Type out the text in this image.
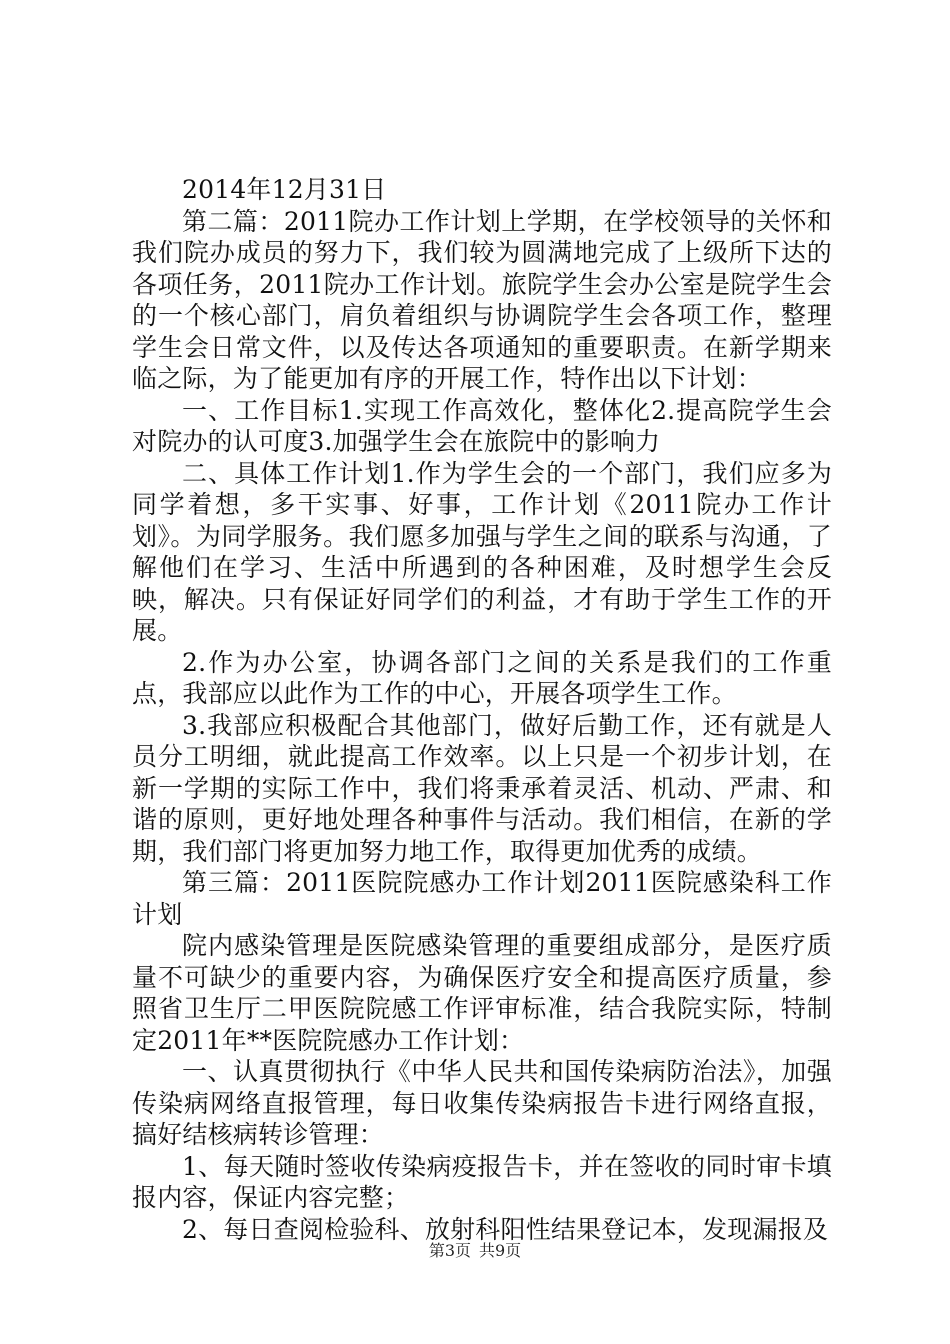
2014年12月31日

第二篇：2011院办工作计划上学期，在学校领导的关怀和我们院办成员的努力下，我们较为圆满地完成了上级所下达的各项任务，2011院办工作计划。旅院学生会办公室是院学生会的一个核心部门，肩负着组织与协调院学生会各项工作，整理学生会日常文件，以及传达各项通知的重要职责。在新学期来临之际，为了能更加有序的开展工作，特作出以下计划：

一、工作目标1.实现工作高效化，整体化2.提高院学生会对院办的认可度3.加强学生会在旅院中的影响力

二、具体工作计划1.作为学生会的一个部门，我们应多为同学着想，多干实事、好事，工作计划《2011院办工作计划》。为同学服务。我们愿多加强与学生之间的联系与沟通，了解他们在学习、生活中所遇到的各种困难，及时想学生会反映，解决。只有保证好同学们的利益，才有助于学生工作的开展。

2.作为办公室，协调各部门之间的关系是我们的工作重点，我部应以此作为工作的中心，开展各项学生工作。

3.我部应积极配合其他部门，做好后勤工作，还有就是人员分工明细，就此提高工作效率。以上只是一个初步计划，在新一学期的实际工作中，我们将秉承着灵活、机动、严肃、和谐的原则，更好地处理各种事件与活动。我们相信，在新的学期，我们部门将更加努力地工作，取得更加优秀的成绩。

第三篇：2011医院院感办工作计划2011医院感染科工作计划

院内感染管理是医院感染管理的重要组成部分，是医疗质量不可缺少的重要内容，为确保医疗安全和提高医疗质量，参照省卫生厅二甲医院院感工作评审标准，结合我院实际，特制定2011年**医院院感办工作计划：

一、认真贯彻执行《中华人民共和国传染病防治法》，加强传染病网络直报管理，每日收集传染病报告卡进行网络直报，搞好结核病转诊管理：

1、每天随时签收传染病疫报告卡，并在签收的同时审卡填报内容，保证内容完整；

2、每日查阅检验科、放射科阳性结果登记本，发现漏报及

第3页 共9页
